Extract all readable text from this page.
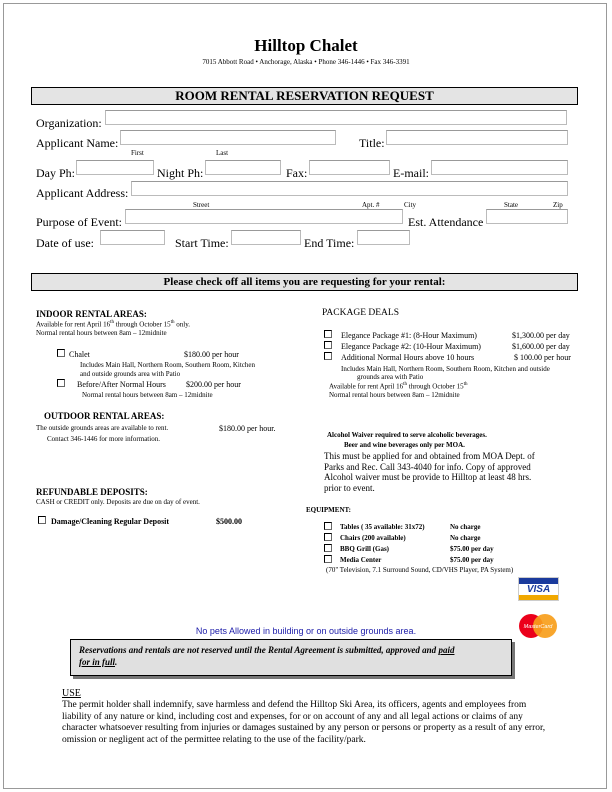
Hilltop Chalet
7015 Abbott Road • Anchorage, Alaska • Phone 346-1446 • Fax 346-3391
ROOM RENTAL RESERVATION REQUEST
Organization:
Applicant Name:
First	Last
Title:
Day Ph:	Night Ph:	Fax:	E-mail:
Applicant Address:
Street	Apt. #	City	State	Zip
Purpose of Event:	Est. Attendance
Date of use:	Start Time:	End Time:
Please check off all items you are requesting for your rental:
INDOOR RENTAL AREAS:
Available for rent April 16th through October 15th only.
Normal rental hours between 8am – 12midnite
Chalet	$180.00 per hour
Includes Main Hall, Northern Room, Southern Room, Kitchen
and outside grounds area with Patio
Before/After Normal Hours	$200.00 per hour
Normal rental hours between 8am – 12midnite
OUTDOOR RENTAL AREAS:
The outside grounds areas are available to rent.	$180.00 per hour.
Contact 346-1446 for more information.
REFUNDABLE DEPOSITS:
CASH or CREDIT only. Deposits are due on day of event.
Damage/Cleaning Regular Deposit	$500.00
PACKAGE DEALS
Elegance Package #1: (8-Hour Maximum)	$1,300.00 per day
Elegance Package #2: (10-Hour Maximum)	$1,600.00 per day
Additional Normal Hours above 10 hours	$ 100.00 per hour
Includes Main Hall, Northern Room, Southern Room, Kitchen and outside
grounds area with Patio
Available for rent April 16th through October 15th
Normal rental hours between 8am – 12midnite
Alcohol Waiver required to serve alcoholic beverages.
Beer and wine beverages only per MOA.
This must be applied for and obtained from MOA Dept. of
Parks and Rec. Call 343-4040 for info. Copy of approved
Alcohol waiver must be provide to Hilltop at least 48 hrs.
prior to event.
EQUIPMENT:
Tables ( 35 available: 31x72)	No charge
Chairs (200 available)	No charge
BBQ Grill (Gas)	$75.00 per day
Media Center	$75.00 per day
(70" Television, 7.1 Surround Sound, CD/VHS Player, PA System)
VISA
MasterCard
No pets Allowed in building or on outside grounds area.
Reservations and rentals are not reserved until the Rental Agreement is submitted, approved and paid
for in full.
USE
The permit holder shall indemnify, save harmless and defend the Hilltop Ski Area, its officers, agents and employees from liability of any nature or kind, including cost and expenses, for or on account of any and all legal actions or claims of any character whatsoever resulting from injuries or damages sustained by any person or persons or property as a result of any error, omission or negligent act of the permittee relating to the use of the facility/park.
